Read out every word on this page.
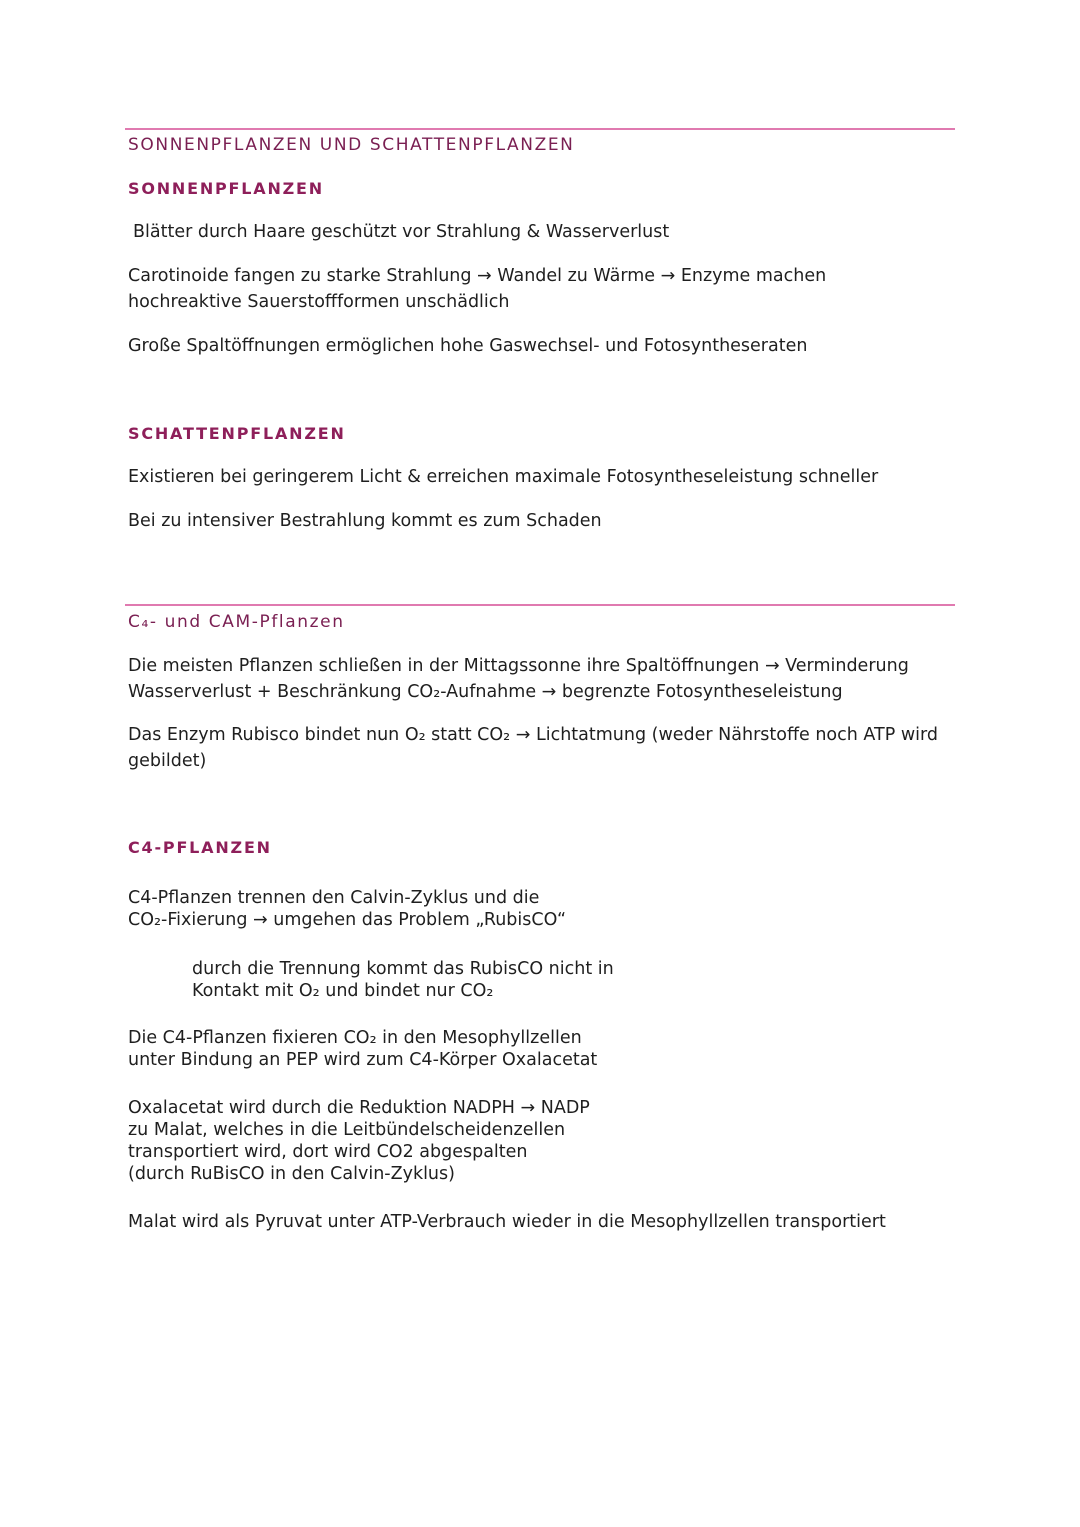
SONNENPFLANZEN UND SCHATTENPFLANZEN
SONNENPFLANZEN
Blätter durch Haare geschützt vor Strahlung & Wasserverlust
Carotinoide fangen zu starke Strahlung → Wandel zu Wärme → Enzyme machen
hochreaktive Sauerstoffformen unschädlich
Große Spaltöffnungen ermöglichen hohe Gaswechsel- und Fotosyntheseraten
SCHATTENPFLANZEN
Existieren bei geringerem Licht & erreichen maximale Fotosyntheseleistung schneller
Bei zu intensiver Bestrahlung kommt es zum Schaden
C₄- und CAM-Pflanzen
Die meisten Pflanzen schließen in der Mittagssonne ihre Spaltöffnungen → Verminderung
Wasserverlust + Beschränkung CO₂-Aufnahme → begrenzte Fotosyntheseleistung
Das Enzym Rubisco bindet nun O₂ statt CO₂ → Lichtatmung (weder Nährstoffe noch ATP wird
gebildet)
C4-PFLANZEN
C4-Pflanzen trennen den Calvin-Zyklus und die
CO₂-Fixierung → umgehen das Problem „RubisCO“
durch die Trennung kommt das RubisCO nicht in
Kontakt mit O₂ und bindet nur CO₂
Die C4-Pflanzen fixieren CO₂ in den Mesophyllzellen
unter Bindung an PEP wird zum C4-Körper Oxalacetat
Oxalacetat wird durch die Reduktion NADPH → NADP
zu Malat, welches in die Leitbündelscheidenzellen
transportiert wird, dort wird CO2 abgespalten
(durch RuBisCO in den Calvin-Zyklus)
Malat wird als Pyruvat unter ATP-Verbrauch wieder in die Mesophyllzellen transportiert
